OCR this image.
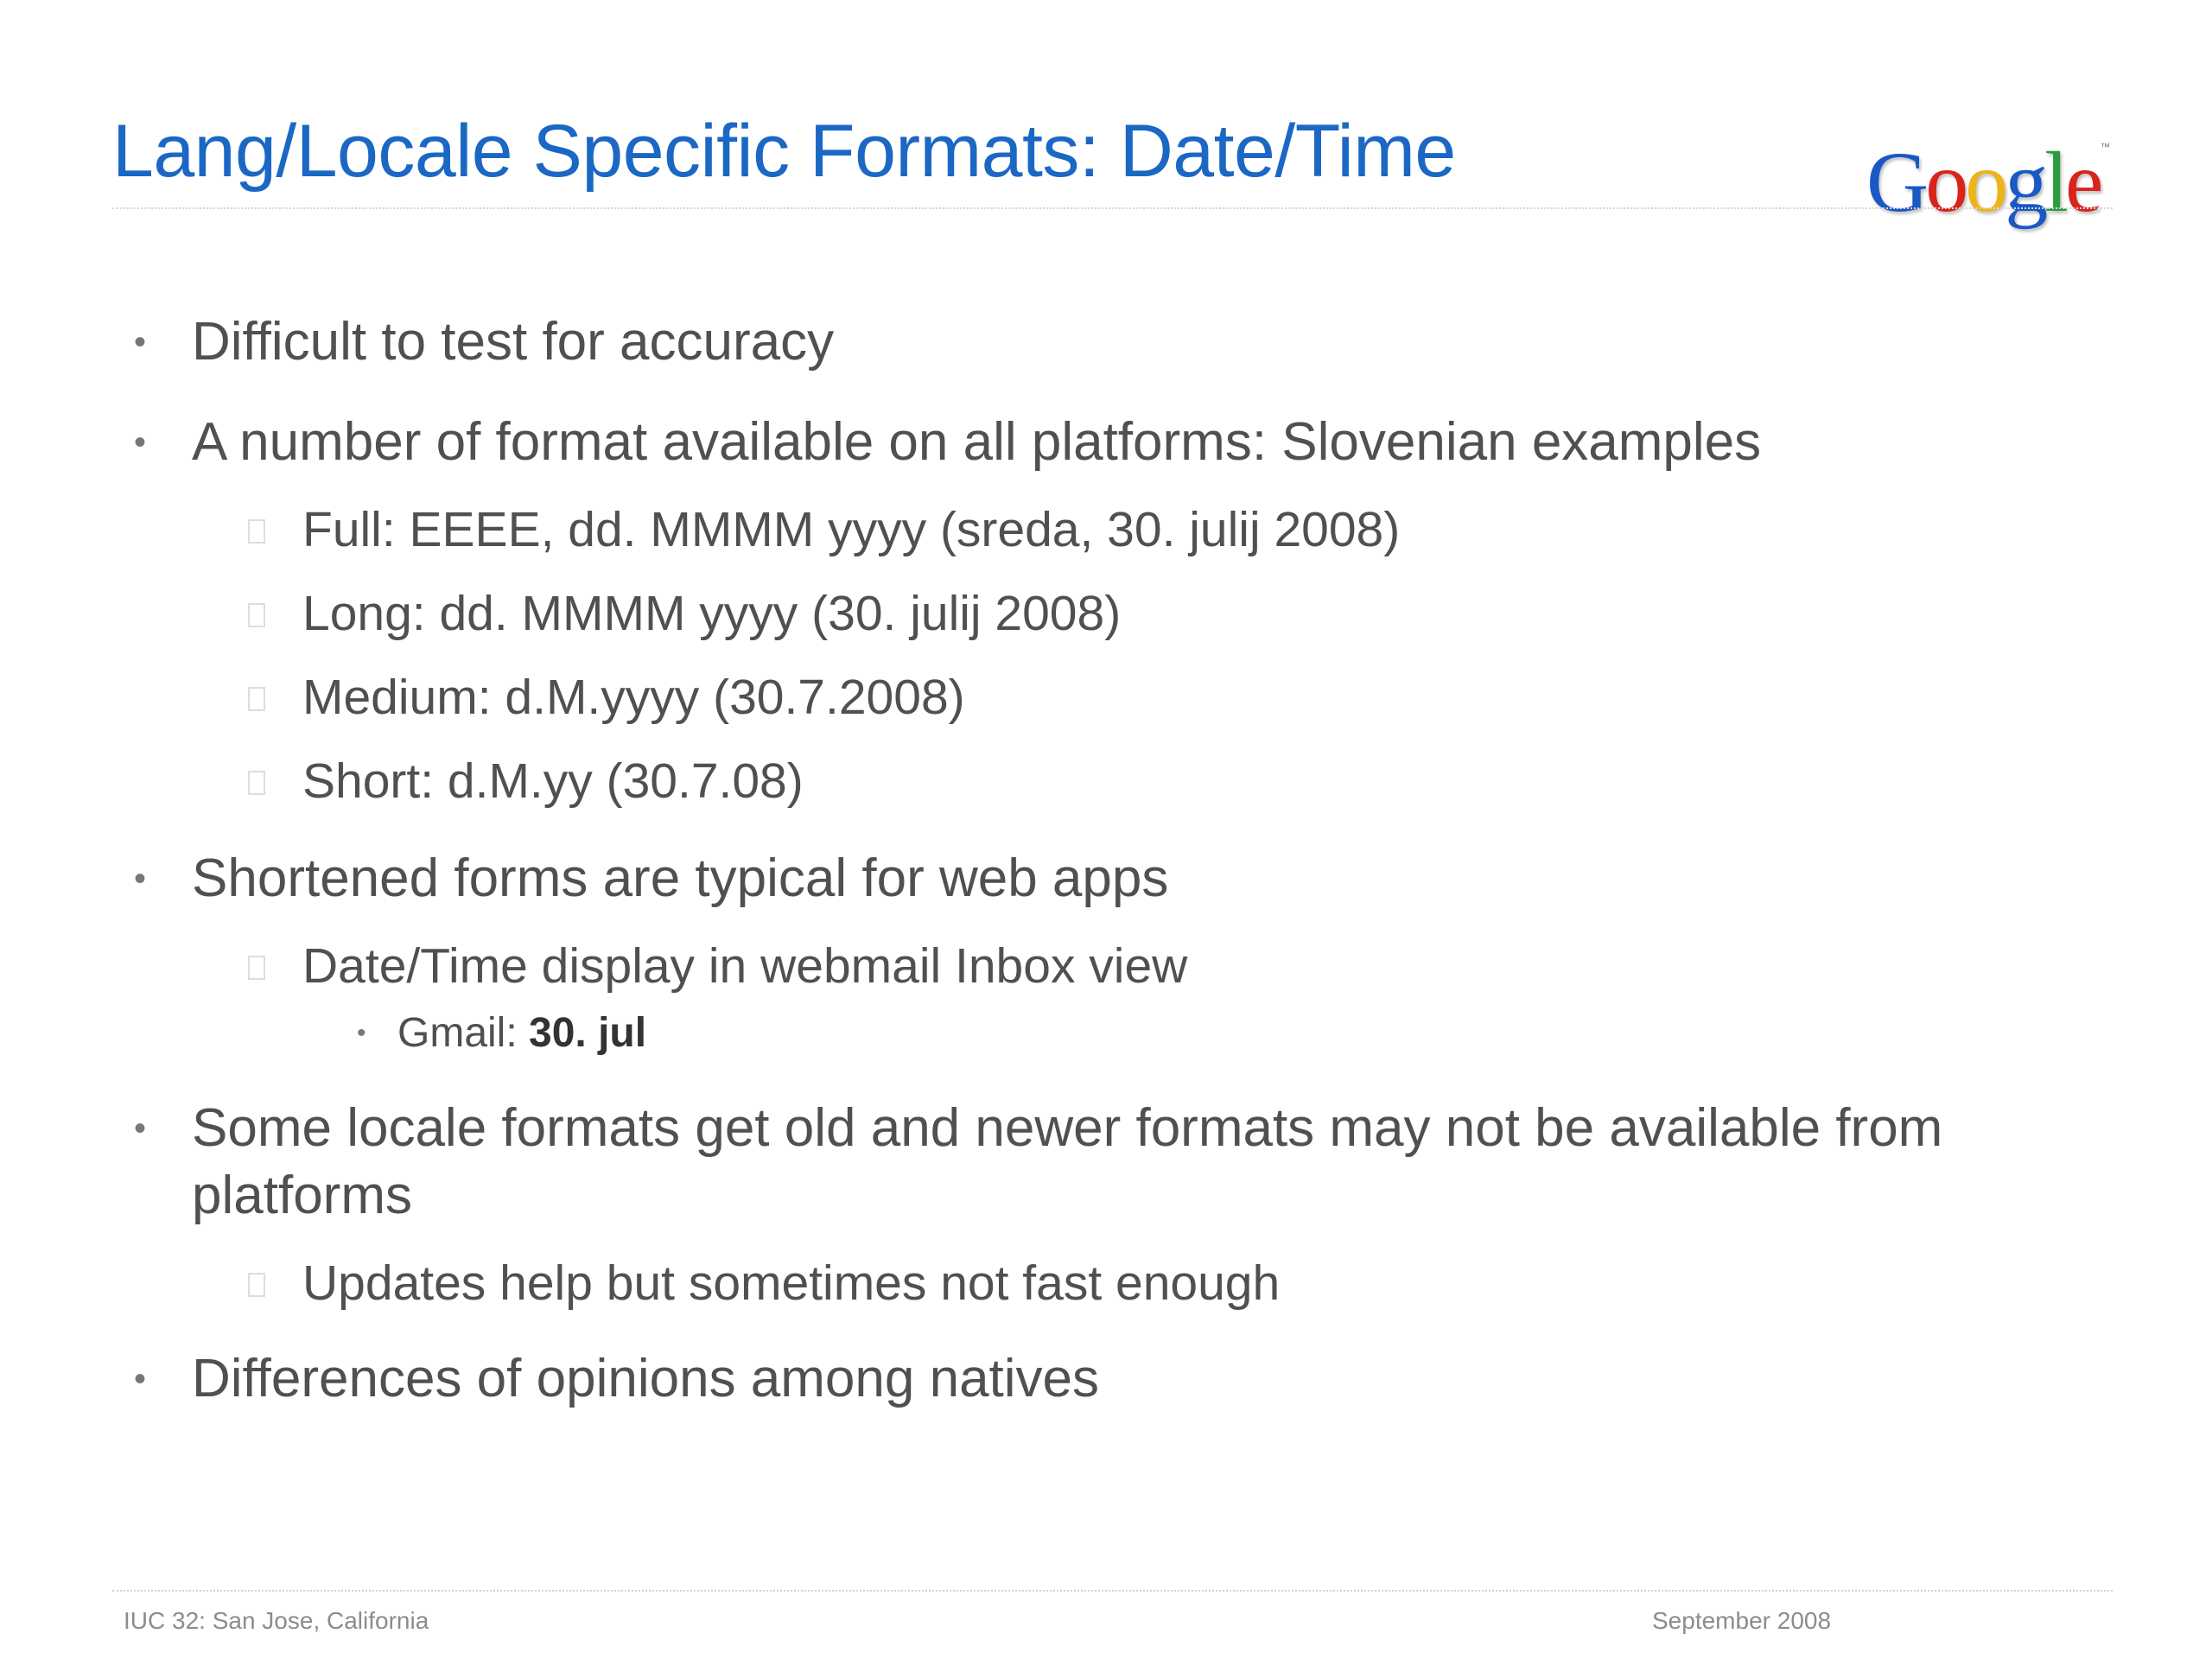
Lang/Locale Specific Formats: Date/Time	Google™
• Difficult to test for accuracy
• A number of format available on all platforms: Slovenian examples
Full: EEEE, dd. MMMM yyyy (sreda, 30. julij 2008)
Long: dd. MMMM yyyy (30. julij 2008)
Medium: d.M.yyyy (30.7.2008)
Short: d.M.yy (30.7.08)
• Shortened forms are typical for web apps
Date/Time display in webmail Inbox view
• Gmail: 30. jul
• Some locale formats get old and newer formats may not be available from
platforms
Updates help but sometimes not fast enough
• Differences of opinions among natives
IUC 32: San Jose, California	September 2008
